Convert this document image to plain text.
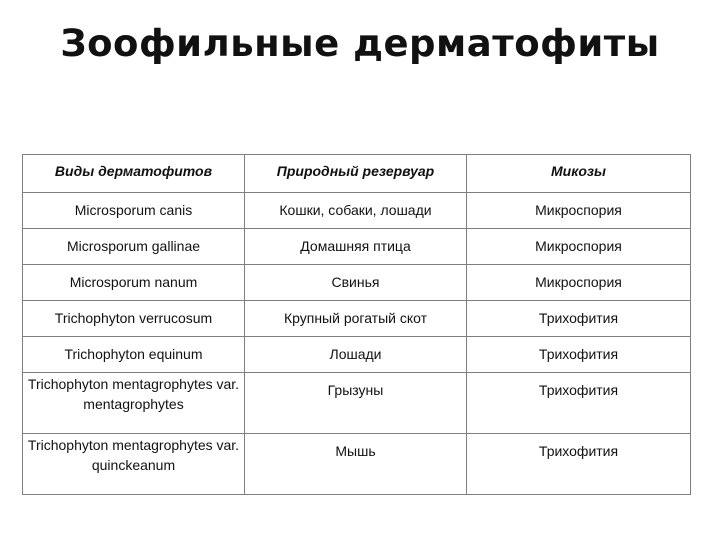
Зоофильные дерматофиты
Виды дерматофитов	Природный резервуар	Микозы
Microsporum canis	Кошки, собаки, лошади	Микроспория
Microsporum gallinae	Домашняя птица	Микроспория
Microsporum nanum	Свинья	Микроспория
Trichophyton verrucosum	Крупный рогатый скот	Трихофития
Trichophyton equinum	Лошади	Трихофития
Trichophyton mentagrophytes var. mentagrophytes	Грызуны	Трихофития
Trichophyton mentagrophytes var. quinckeanum	Мышь	Трихофития
